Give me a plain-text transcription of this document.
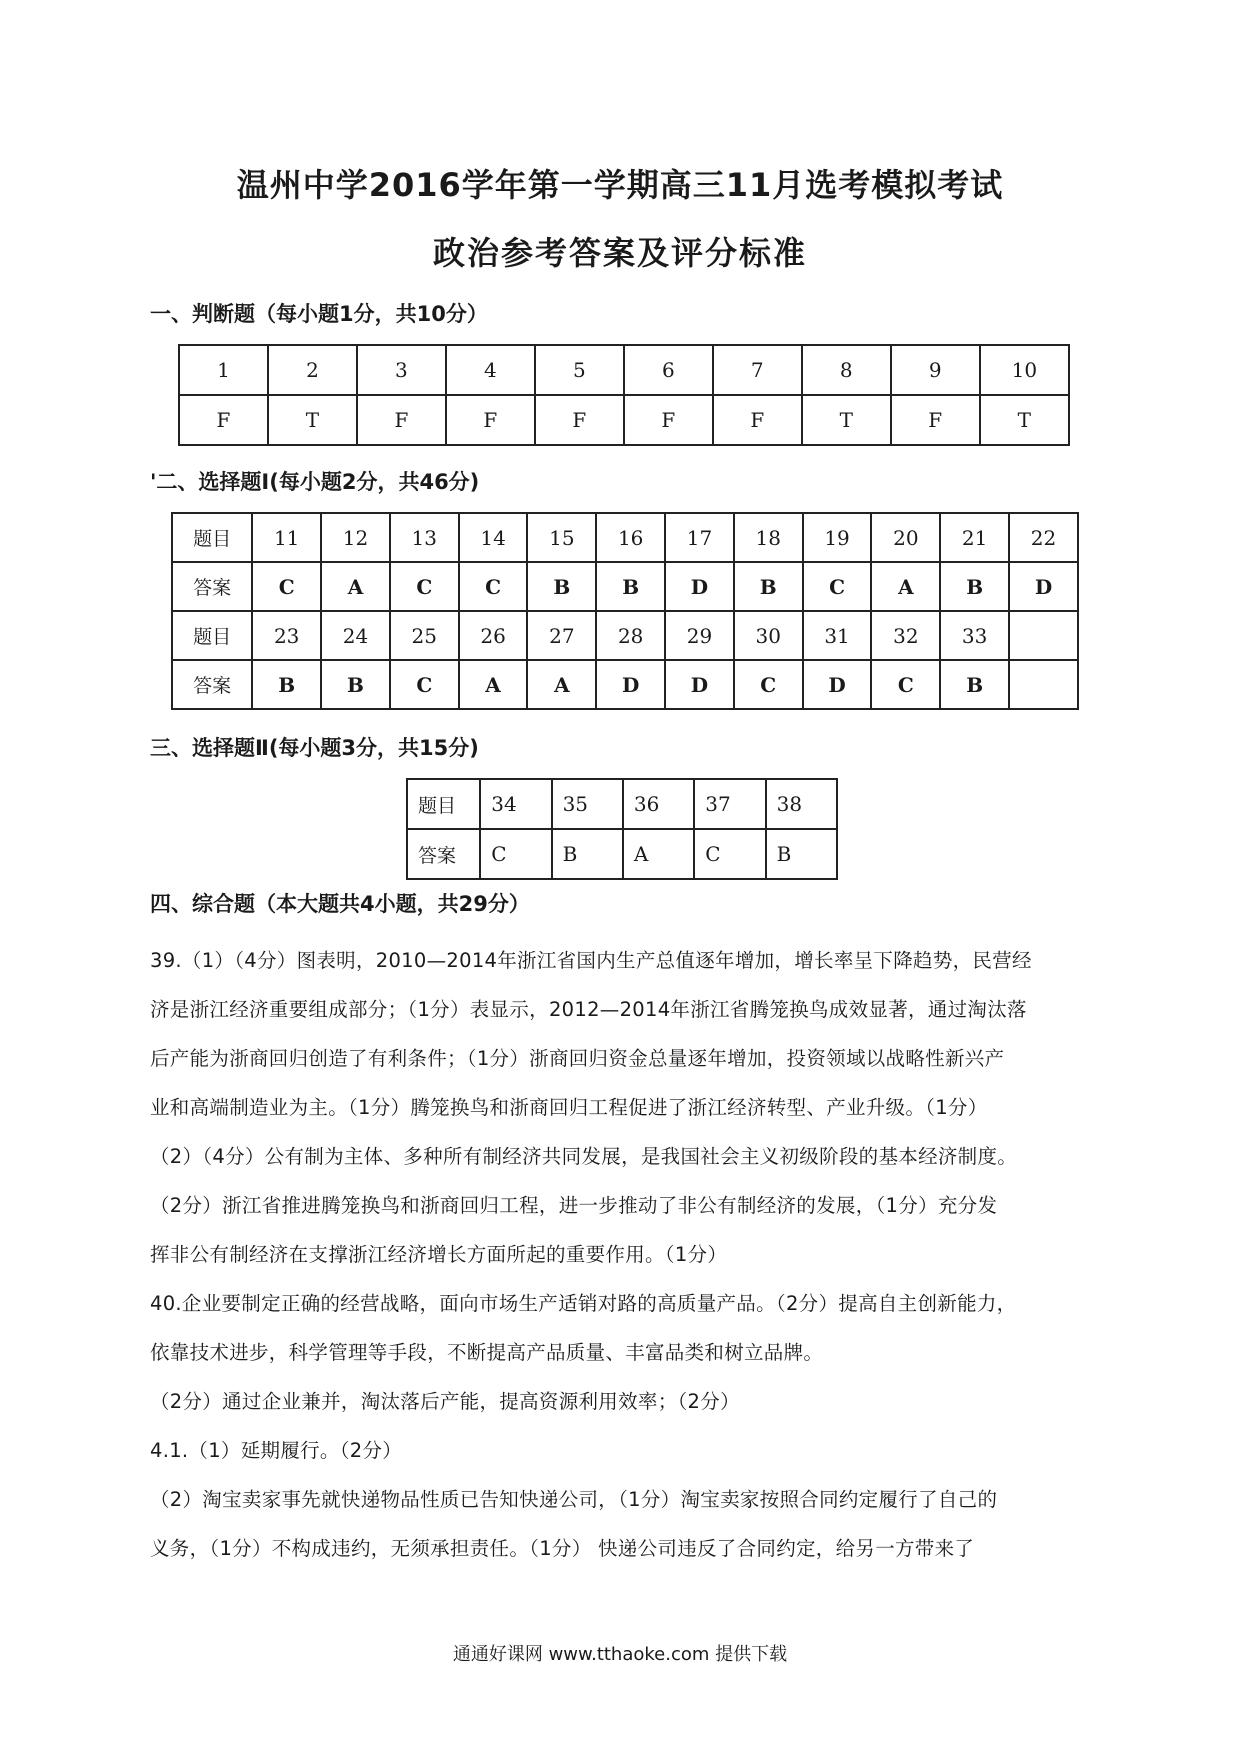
温州中学2016学年第一学期高三11月选考模拟考试
政治参考答案及评分标准
一、判断题（每小题1分，共10分）
1	2	3	4	5	6	7	8	9	10
F	T	F	F	F	F	F	T	F	T
'二、选择题Ⅰ(每小题2分，共46分)
题目	11	12	13	14	15	16	17	18	19	20	21	22
答案	C	A	C	C	B	B	D	B	C	A	B	D
题目	23	24	25	26	27	28	29	30	31	32	33	
答案	B	B	C	A	A	D	D	C	D	C	B	
三、选择题Ⅱ(每小题3分，共15分)
题目	34	35	36	37	38
答案	C	B	A	C	B
四、综合题（本大题共4小题，共29分）

39.（1）（4分）图表明，2010—2014年浙江省国内生产总值逐年增加，增长率呈下降趋势，民营经

济是浙江经济重要组成部分；（1分）表显示，2012—2014年浙江省腾笼换鸟成效显著，通过淘汰落

后产能为浙商回归创造了有利条件；（1分）浙商回归资金总量逐年增加，投资领域以战略性新兴产

业和高端制造业为主。（1分）腾笼换鸟和浙商回归工程促进了浙江经济转型、产业升级。（1分）

（2）（4分）公有制为主体、多种所有制经济共同发展，是我国社会主义初级阶段的基本经济制度。

（2分）浙江省推进腾笼换鸟和浙商回归工程，进一步推动了非公有制经济的发展，（1分）充分发

挥非公有制经济在支撑浙江经济增长方面所起的重要作用。（1分）

40.企业要制定正确的经营战略，面向市场生产适销对路的高质量产品。（2分）提高自主创新能力，

依靠技术进步，科学管理等手段，不断提高产品质量、丰富品类和树立品牌。

（2分）通过企业兼并，淘汰落后产能，提高资源利用效率；（2分）

4.1.（1）延期履行。（2分）

（2）淘宝卖家事先就快递物品性质已告知快递公司，（1分）淘宝卖家按照合同约定履行了自己的

义务，（1分）不构成违约，无须承担责任。（1分） 快递公司违反了合同约定，给另一方带来了

通通好课网 www.tthaoke.com 提供下载
